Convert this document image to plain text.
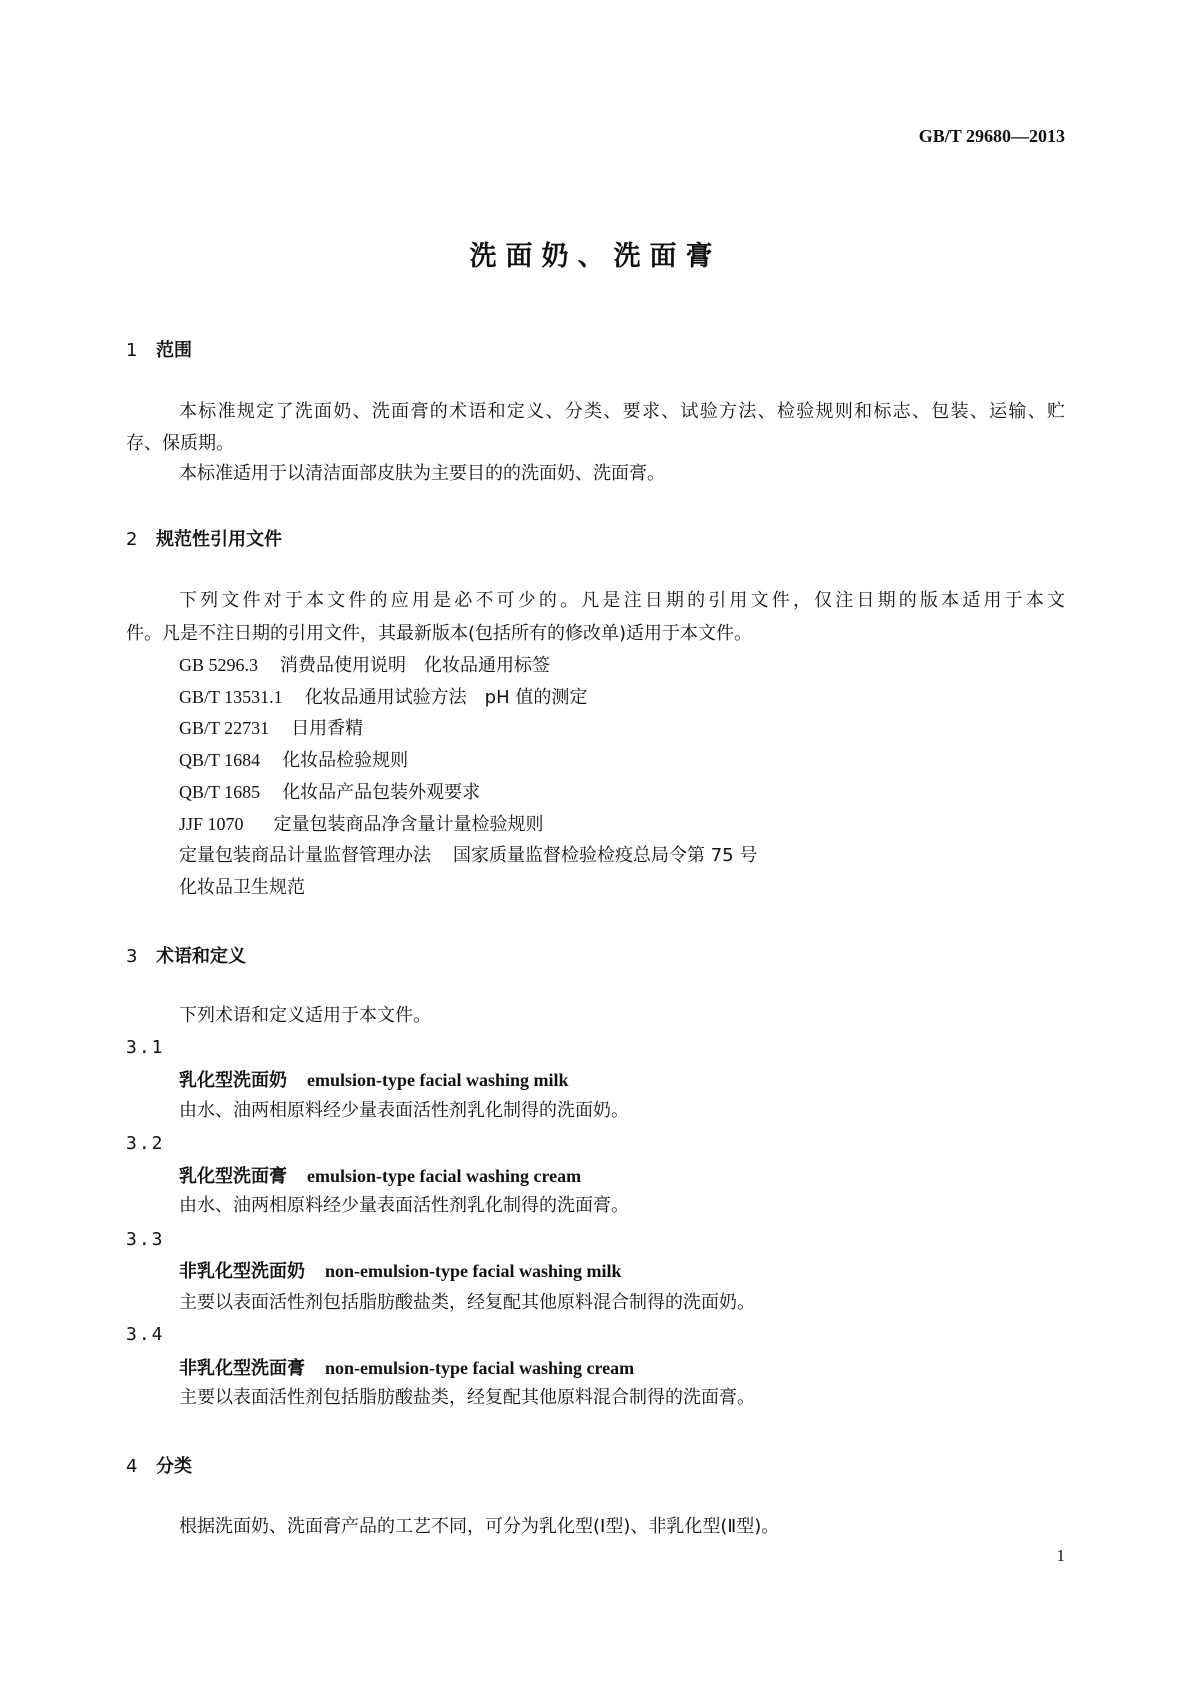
GB/T 29680—2013
洗面奶、洗面膏
1 范围
本标准规定了洗面奶、洗面膏的术语和定义、分类、要求、试验方法、检验规则和标志、包装、运输、贮
存、保质期。
本标准适用于以清洁面部皮肤为主要目的的洗面奶、洗面膏。
2 规范性引用文件
下列文件对于本文件的应用是必不可少的。凡是注日期的引用文件，仅注日期的版本适用于本文
件。凡是不注日期的引用文件，其最新版本(包括所有的修改单)适用于本文件。
GB 5296.3 消费品使用说明　化妆品通用标签
GB/T 13531.1 化妆品通用试验方法　pH 值的测定
GB/T 22731 日用香精
QB/T 1684 化妆品检验规则
QB/T 1685 化妆品产品包装外观要求
JJF 1070 定量包装商品净含量计量检验规则
定量包装商品计量监督管理办法 国家质量监督检验检疫总局令第 75 号
化妆品卫生规范
3 术语和定义
下列术语和定义适用于本文件。
3.1
乳化型洗面奶 emulsion-type facial washing milk
由水、油两相原料经少量表面活性剂乳化制得的洗面奶。
3.2
乳化型洗面膏 emulsion-type facial washing cream
由水、油两相原料经少量表面活性剂乳化制得的洗面膏。
3.3
非乳化型洗面奶 non-emulsion-type facial washing milk
主要以表面活性剂包括脂肪酸盐类，经复配其他原料混合制得的洗面奶。
3.4
非乳化型洗面膏 non-emulsion-type facial washing cream
主要以表面活性剂包括脂肪酸盐类，经复配其他原料混合制得的洗面膏。
4 分类
根据洗面奶、洗面膏产品的工艺不同，可分为乳化型(Ⅰ型)、非乳化型(Ⅱ型)。
1
